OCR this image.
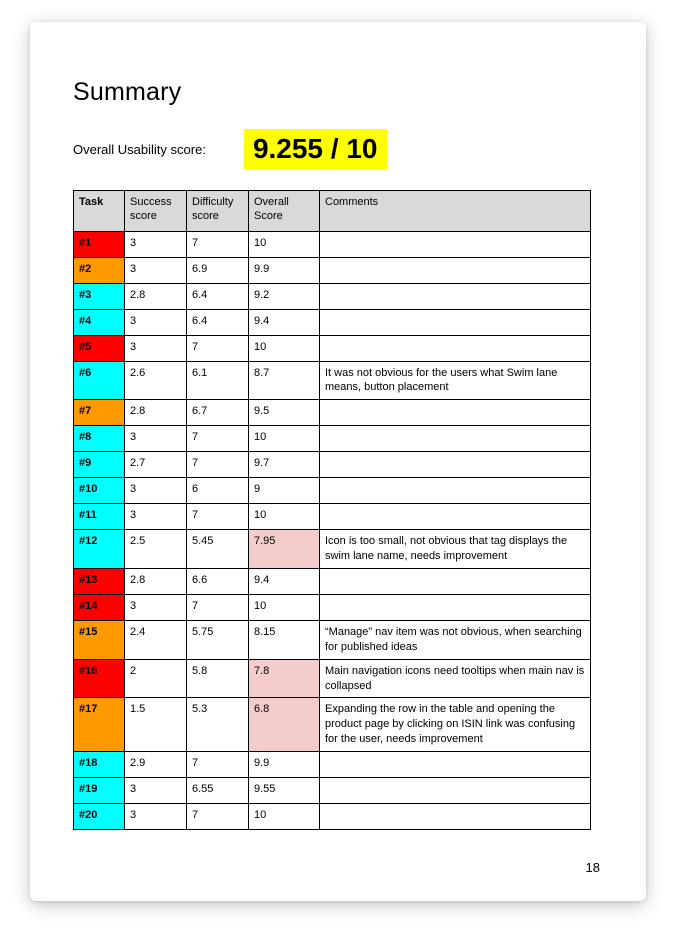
Summary
Overall Usability score:	9.255 / 10
Task	Success score	Difficulty score	Overall Score	Comments
#1	3	7	10	
#2	3	6.9	9.9	
#3	2.8	6.4	9.2	
#4	3	6.4	9.4	
#5	3	7	10	
#6	2.6	6.1	8.7	It was not obvious for the users what Swim lane means, button placement
#7	2.8	6.7	9.5	
#8	3	7	10	
#9	2.7	7	9.7	
#10	3	6	9	
#11	3	7	10	
#12	2.5	5.45	7.95	Icon is too small, not obvious that tag displays the swim lane name, needs improvement
#13	2.8	6.6	9.4	
#14	3	7	10	
#15	2.4	5.75	8.15	“Manage” nav item was not obvious, when searching for published ideas
#16	2	5.8	7.8	Main navigation icons need tooltips when main nav is collapsed
#17	1.5	5.3	6.8	Expanding the row in the table and opening the product page by clicking on ISIN link was confusing for the user, needs improvement
#18	2.9	7	9.9	
#19	3	6.55	9.55	
#20	3	7	10	
18
